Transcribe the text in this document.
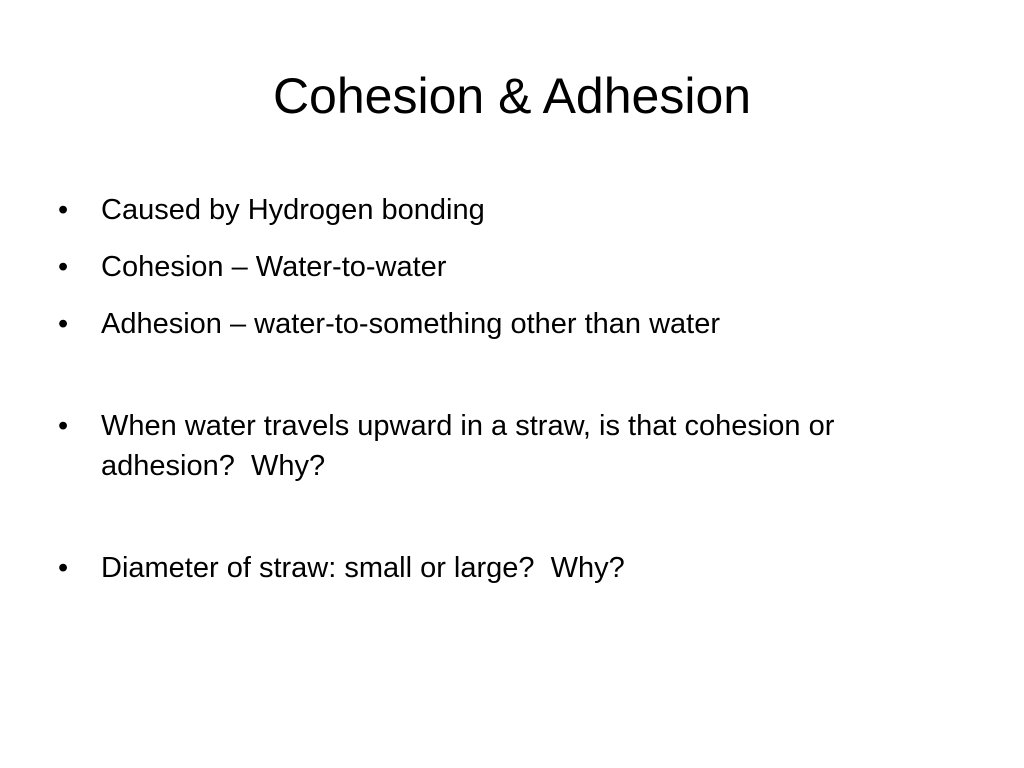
Cohesion & Adhesion
•	Caused by Hydrogen bonding
•	Cohesion – Water-to-water
•	Adhesion – water-to-something other than water
•	When water travels upward in a straw, is that cohesion or adhesion?  Why?
•	Diameter of straw: small or large?  Why?
